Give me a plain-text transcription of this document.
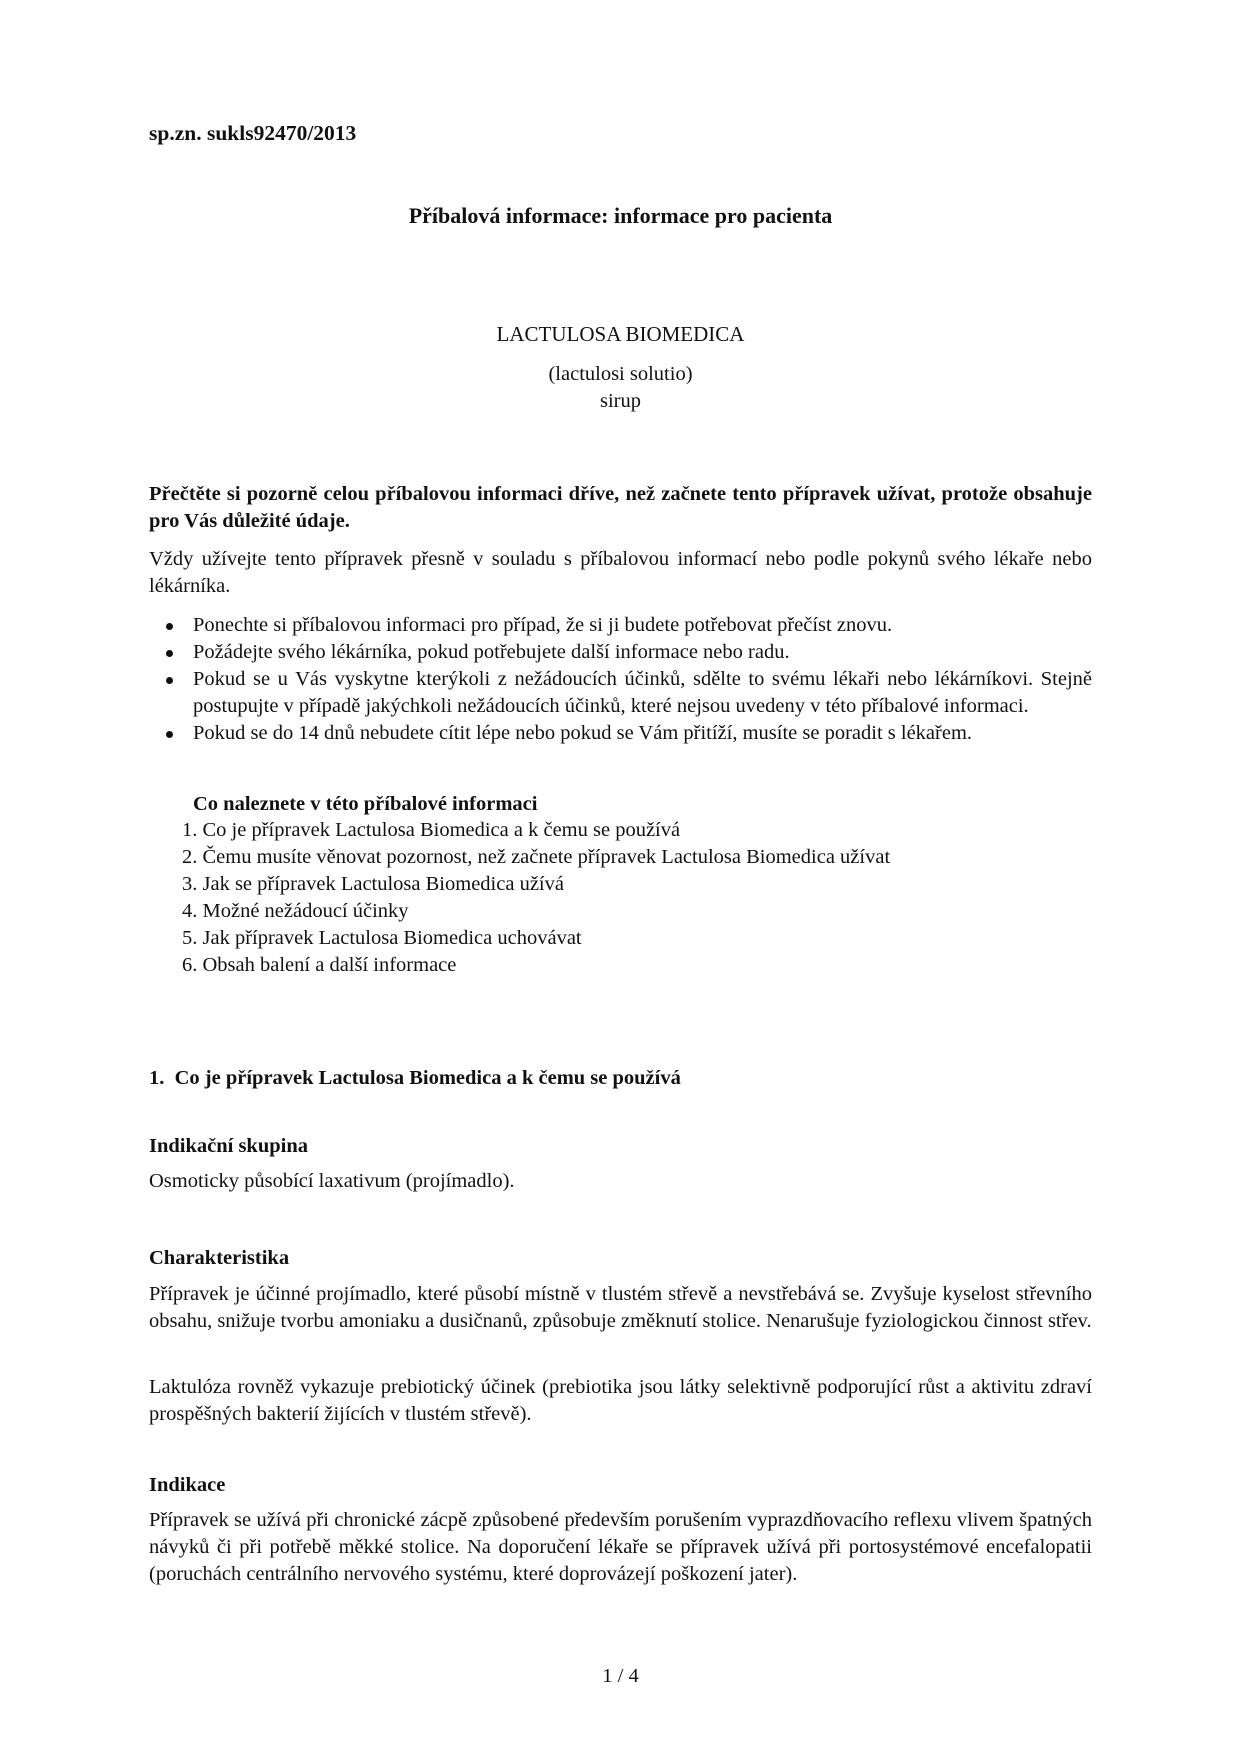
sp.zn. sukls92470/2013
Příbalová informace: informace pro pacienta
LACTULOSA BIOMEDICA
(lactulosi solutio)
sirup
Přečtěte si pozorně celou příbalovou informaci dříve, než začnete tento přípravek užívat, protože obsahuje pro Vás důležité údaje.
Vždy užívejte tento přípravek přesně v souladu s příbalovou informací nebo podle pokynů svého lékaře nebo lékárníka.
Ponechte si příbalovou informaci pro případ, že si ji budete potřebovat přečíst znovu.
Požádejte svého lékárníka, pokud potřebujete další informace nebo radu.
Pokud se u Vás vyskytne kterýkoli z nežádoucích účinků, sdělte to svému lékaři nebo lékárníkovi. Stejně postupujte v případě jakýchkoli nežádoucích účinků, které nejsou uvedeny v této příbalové informaci.
Pokud se do 14 dnů nebudete cítit lépe nebo pokud se Vám přitíží, musíte se poradit s lékařem.
Co naleznete v této příbalové informaci
1. Co je přípravek Lactulosa Biomedica a k čemu se používá
2. Čemu musíte věnovat pozornost, než začnete přípravek Lactulosa Biomedica užívat
3. Jak se přípravek Lactulosa Biomedica užívá
4. Možné nežádoucí účinky
5. Jak přípravek Lactulosa Biomedica uchovávat
6. Obsah balení a další informace
1.  Co je přípravek Lactulosa Biomedica a k čemu se používá
Indikační skupina
Osmoticky působící laxativum (projímadlo).
Charakteristika
Přípravek je účinné projímadlo, které působí místně v tlustém střevě a nevstřebává se. Zvyšuje kyselost střevního obsahu, snižuje tvorbu amoniaku a dusičnanů, způsobuje změknutí stolice. Nenarušuje fyziologickou činnost střev.
Laktulóza rovněž vykazuje prebiotický účinek (prebiotika jsou látky selektivně podporující růst a aktivitu zdraví prospěšných bakterií žijících v tlustém střevě).
Indikace
Přípravek se užívá při chronické zácpě způsobené především porušením vyprazdňovacího reflexu vlivem špatných návyků či při potřebě měkké stolice. Na doporučení lékaře se přípravek užívá při portosystémové encefalopatii (poruchách centrálního nervového systému, které doprovázejí poškození jater).
1 / 4
